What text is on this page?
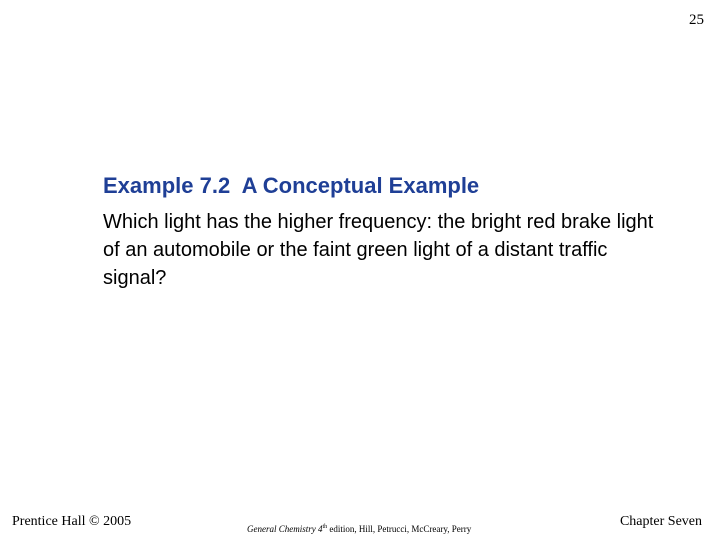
25
Example 7.2  A Conceptual Example

Which light has the higher frequency: the bright red brake light of an automobile or the faint green light of a distant traffic signal?

Prentice Hall © 2005	General Chemistry 4th edition, Hill, Petrucci, McCreary, Perry	Chapter Seven
